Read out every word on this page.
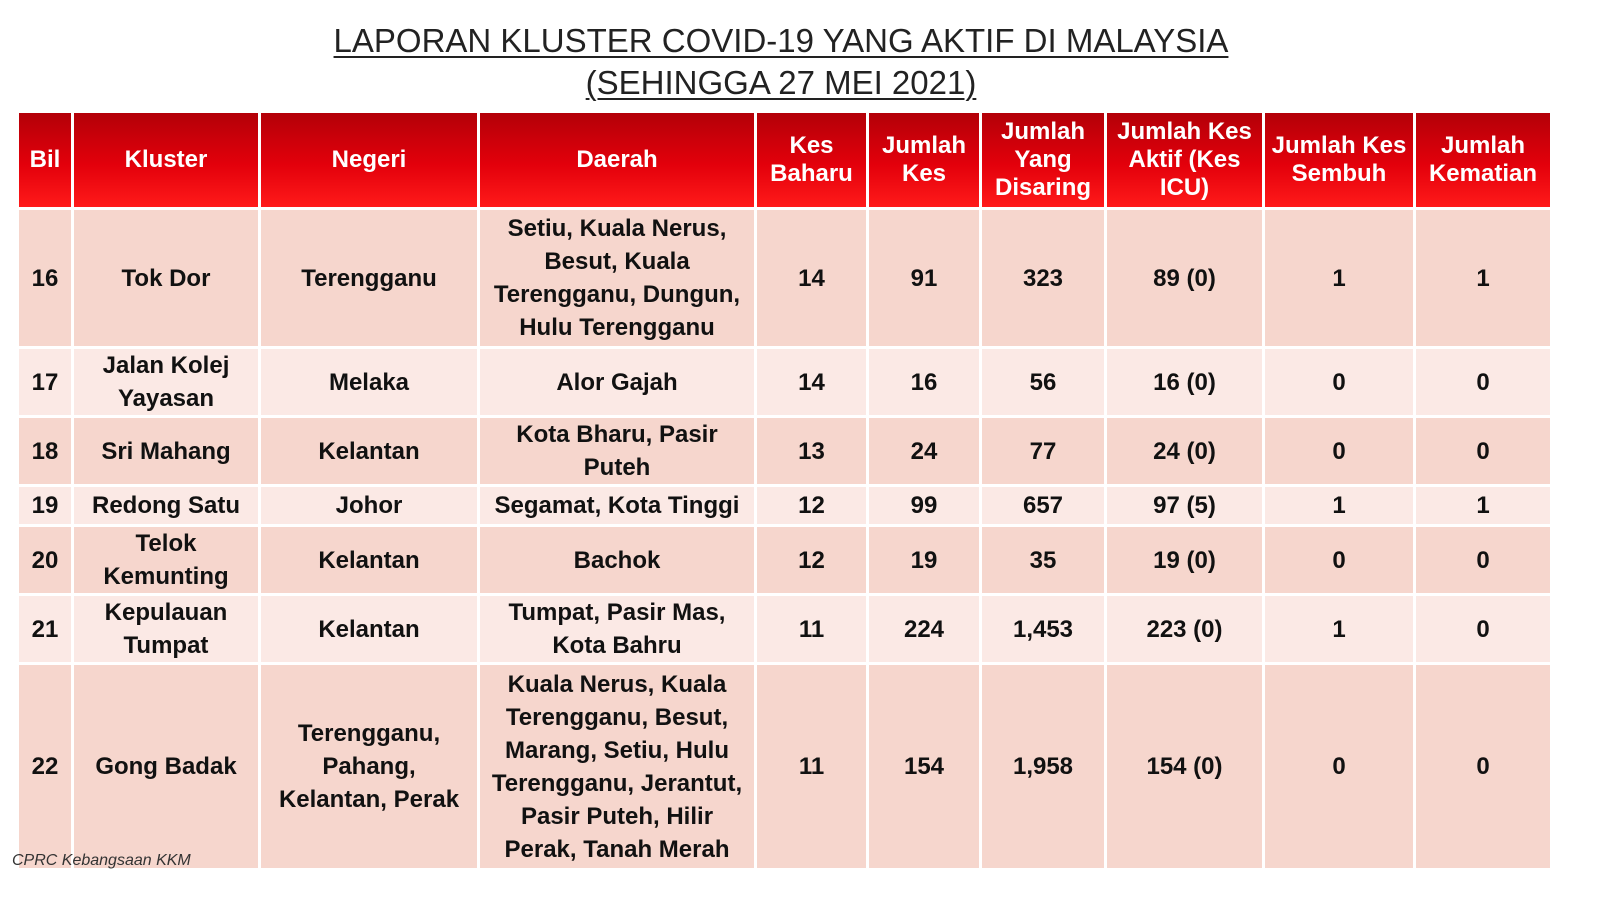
LAPORAN KLUSTER COVID-19 YANG AKTIF DI MALAYSIA
(SEHINGGA 27 MEI 2021)
Bil	Kluster	Negeri	Daerah	Kes Baharu	Jumlah Kes	Jumlah Yang Disaring	Jumlah Kes Aktif (Kes ICU)	Jumlah Kes Sembuh	Jumlah Kematian
16	Tok Dor	Terengganu	Setiu, Kuala Nerus, Besut, Kuala Terengganu, Dungun, Hulu Terengganu	14	91	323	89 (0)	1	1
17	Jalan Kolej Yayasan	Melaka	Alor Gajah	14	16	56	16 (0)	0	0
18	Sri Mahang	Kelantan	Kota Bharu, Pasir Puteh	13	24	77	24 (0)	0	0
19	Redong Satu	Johor	Segamat, Kota Tinggi	12	99	657	97 (5)	1	1
20	Telok Kemunting	Kelantan	Bachok	12	19	35	19 (0)	0	0
21	Kepulauan Tumpat	Kelantan	Tumpat, Pasir Mas, Kota Bahru	11	224	1,453	223 (0)	1	0
22	Gong Badak	Terengganu, Pahang, Kelantan, Perak	Kuala Nerus, Kuala Terengganu, Besut, Marang, Setiu, Hulu Terengganu, Jerantut, Pasir Puteh, Hilir Perak, Tanah Merah	11	154	1,958	154 (0)	0	0
CPRC Kebangsaan KKM
